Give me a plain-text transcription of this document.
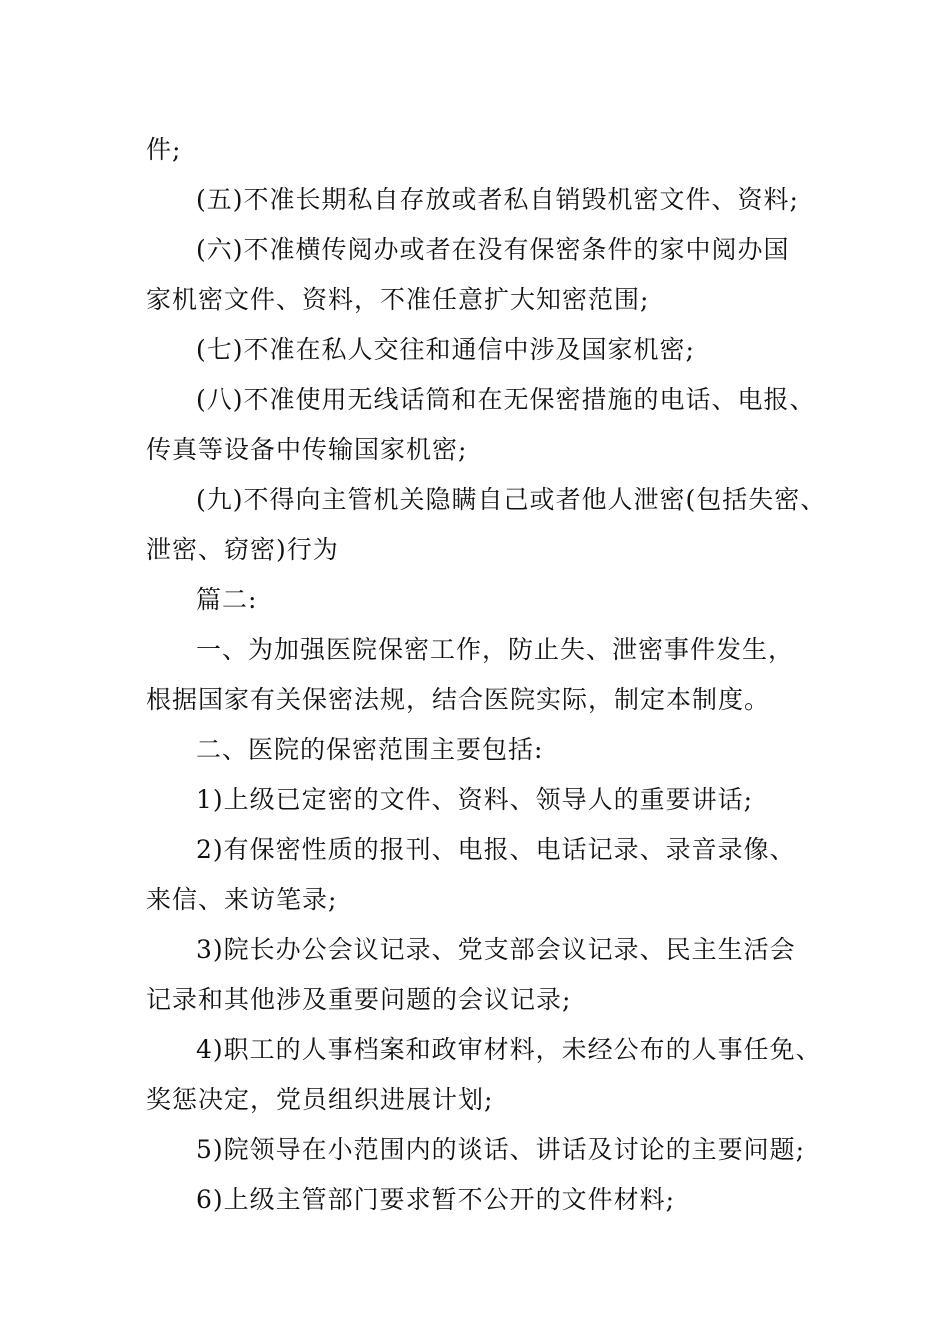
件;
(五)不准长期私自存放或者私自销毁机密文件、资料;
(六)不准横传阅办或者在没有保密条件的家中阅办国
家机密文件、资料，不准任意扩大知密范围;
(七)不准在私人交往和通信中涉及国家机密;
(八)不准使用无线话筒和在无保密措施的电话、电报、
传真等设备中传输国家机密;
(九)不得向主管机关隐瞒自己或者他人泄密(包括失密、
泄密、窃密)行为
篇二:
一、为加强医院保密工作，防止失、泄密事件发生，
根据国家有关保密法规，结合医院实际，制定本制度。
二、医院的保密范围主要包括:
1)上级已定密的文件、资料、领导人的重要讲话;
2)有保密性质的报刊、电报、电话记录、录音录像、
来信、来访笔录;
3)院长办公会议记录、党支部会议记录、民主生活会
记录和其他涉及重要问题的会议记录;
4)职工的人事档案和政审材料，未经公布的人事任免、
奖惩决定，党员组织进展计划;
5)院领导在小范围内的谈话、讲话及讨论的主要问题;
6)上级主管部门要求暂不公开的文件材料;
